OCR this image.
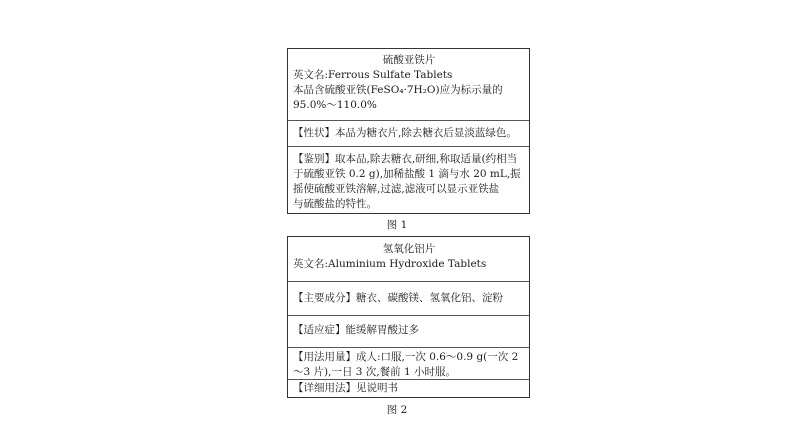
硫酸亚铁片
英文名:Ferrous Sulfate Tablets
本品含硫酸亚铁(FeSO₄·7H₂O)应为标示量的
95.0%～110.0%
【性状】本品为糖衣片,除去糖衣后显淡蓝绿色。
【鉴别】取本品,除去糖衣,研细,称取适量(约相当
于硫酸亚铁 0.2 g),加稀盐酸 1 滴与水 20 mL,振
摇使硫酸亚铁溶解,过滤,滤液可以显示亚铁盐
与硫酸盐的特性。
图 1
氢氧化铝片
英文名:Aluminium Hydroxide Tablets
【主要成分】糖衣、碳酸镁、氢氧化铝、淀粉
【适应症】能缓解胃酸过多
【用法用量】成人:口服,一次 0.6～0.9 g(一次 2
～3 片),一日 3 次,餐前 1 小时服。
【详细用法】见说明书
图 2
